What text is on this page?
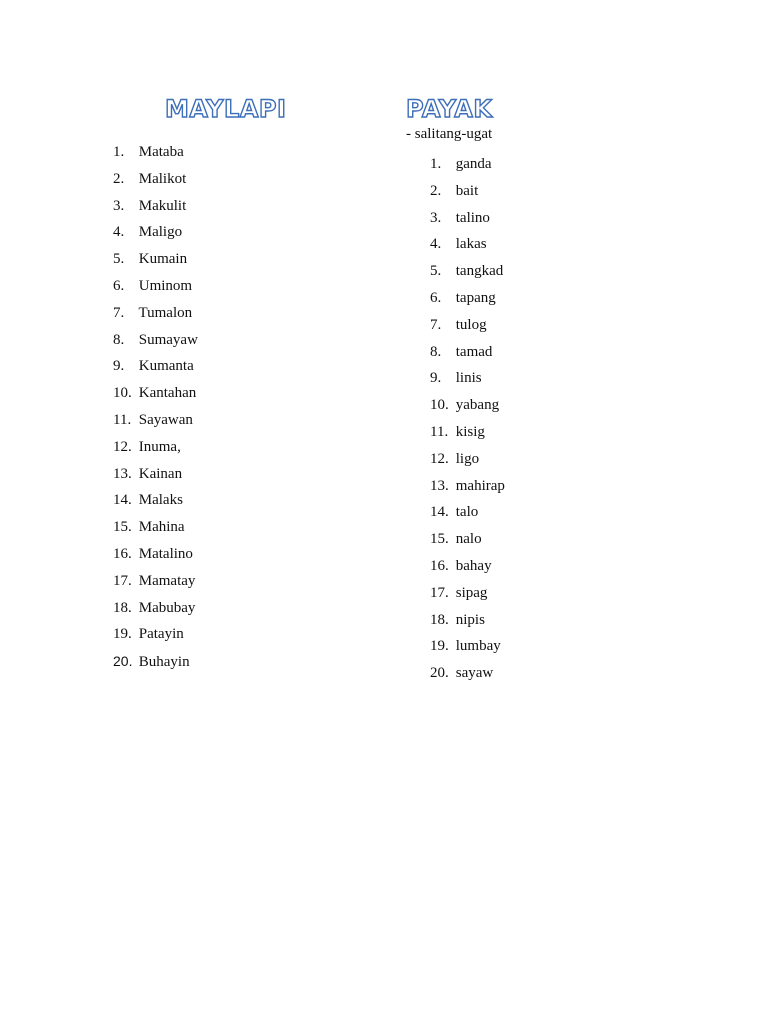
MAYLAPI
1. Mataba
2. Malikot
3. Makulit
4. Maligo
5. Kumain
6. Uminom
7. Tumalon
8. Sumayaw
9. Kumanta
10. Kantahan
11. Sayawan
12. Inuma,
13. Kainan
14. Malaks
15. Mahina
16. Matalino
17. Mamatay
18. Mabubay
19. Patayin
20. Buhayin
PAYAK

- salitang-ugat

1. ganda
2. bait
3. talino
4. lakas
5. tangkad
6. tapang
7. tulog
8. tamad
9. linis
10. yabang
11. kisig
12. ligo
13. mahirap
14. talo
15. nalo
16. bahay
17. sipag
18. nipis
19. lumbay
20. sayaw
